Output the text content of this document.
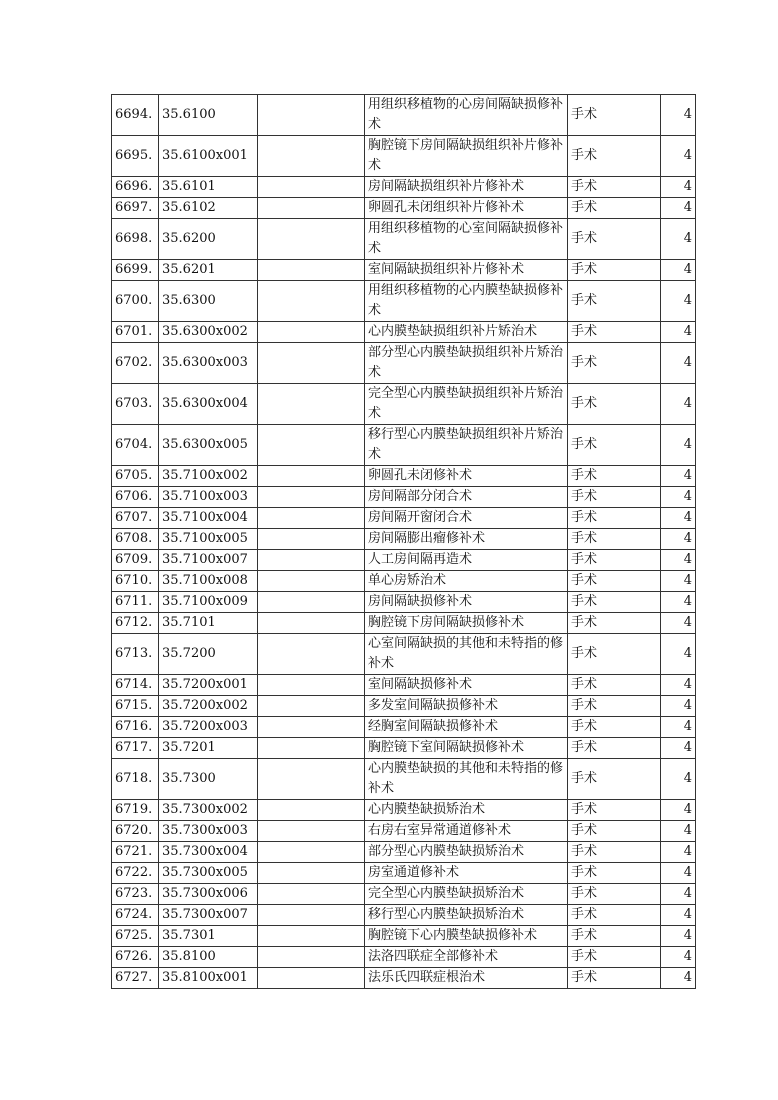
6694.	35.6100		用组织移植物的心房间隔缺损修补术	手术	4
6695.	35.6100x001		胸腔镜下房间隔缺损组织补片修补术	手术	4
6696.	35.6101		房间隔缺损组织补片修补术	手术	4
6697.	35.6102		卵圆孔未闭组织补片修补术	手术	4
6698.	35.6200		用组织移植物的心室间隔缺损修补术	手术	4
6699.	35.6201		室间隔缺损组织补片修补术	手术	4
6700.	35.6300		用组织移植物的心内膜垫缺损修补术	手术	4
6701.	35.6300x002		心内膜垫缺损组织补片矫治术	手术	4
6702.	35.6300x003		部分型心内膜垫缺损组织补片矫治术	手术	4
6703.	35.6300x004		完全型心内膜垫缺损组织补片矫治术	手术	4
6704.	35.6300x005		移行型心内膜垫缺损组织补片矫治术	手术	4
6705.	35.7100x002		卵圆孔未闭修补术	手术	4
6706.	35.7100x003		房间隔部分闭合术	手术	4
6707.	35.7100x004		房间隔开窗闭合术	手术	4
6708.	35.7100x005		房间隔膨出瘤修补术	手术	4
6709.	35.7100x007		人工房间隔再造术	手术	4
6710.	35.7100x008		单心房矫治术	手术	4
6711.	35.7100x009		房间隔缺损修补术	手术	4
6712.	35.7101		胸腔镜下房间隔缺损修补术	手术	4
6713.	35.7200		心室间隔缺损的其他和未特指的修补术	手术	4
6714.	35.7200x001		室间隔缺损修补术	手术	4
6715.	35.7200x002		多发室间隔缺损修补术	手术	4
6716.	35.7200x003		经胸室间隔缺损修补术	手术	4
6717.	35.7201		胸腔镜下室间隔缺损修补术	手术	4
6718.	35.7300		心内膜垫缺损的其他和未特指的修补术	手术	4
6719.	35.7300x002		心内膜垫缺损矫治术	手术	4
6720.	35.7300x003		右房右室异常通道修补术	手术	4
6721.	35.7300x004		部分型心内膜垫缺损矫治术	手术	4
6722.	35.7300x005		房室通道修补术	手术	4
6723.	35.7300x006		完全型心内膜垫缺损矫治术	手术	4
6724.	35.7300x007		移行型心内膜垫缺损矫治术	手术	4
6725.	35.7301		胸腔镜下心内膜垫缺损修补术	手术	4
6726.	35.8100		法洛四联症全部修补术	手术	4
6727.	35.8100x001		法乐氏四联症根治术	手术	4
